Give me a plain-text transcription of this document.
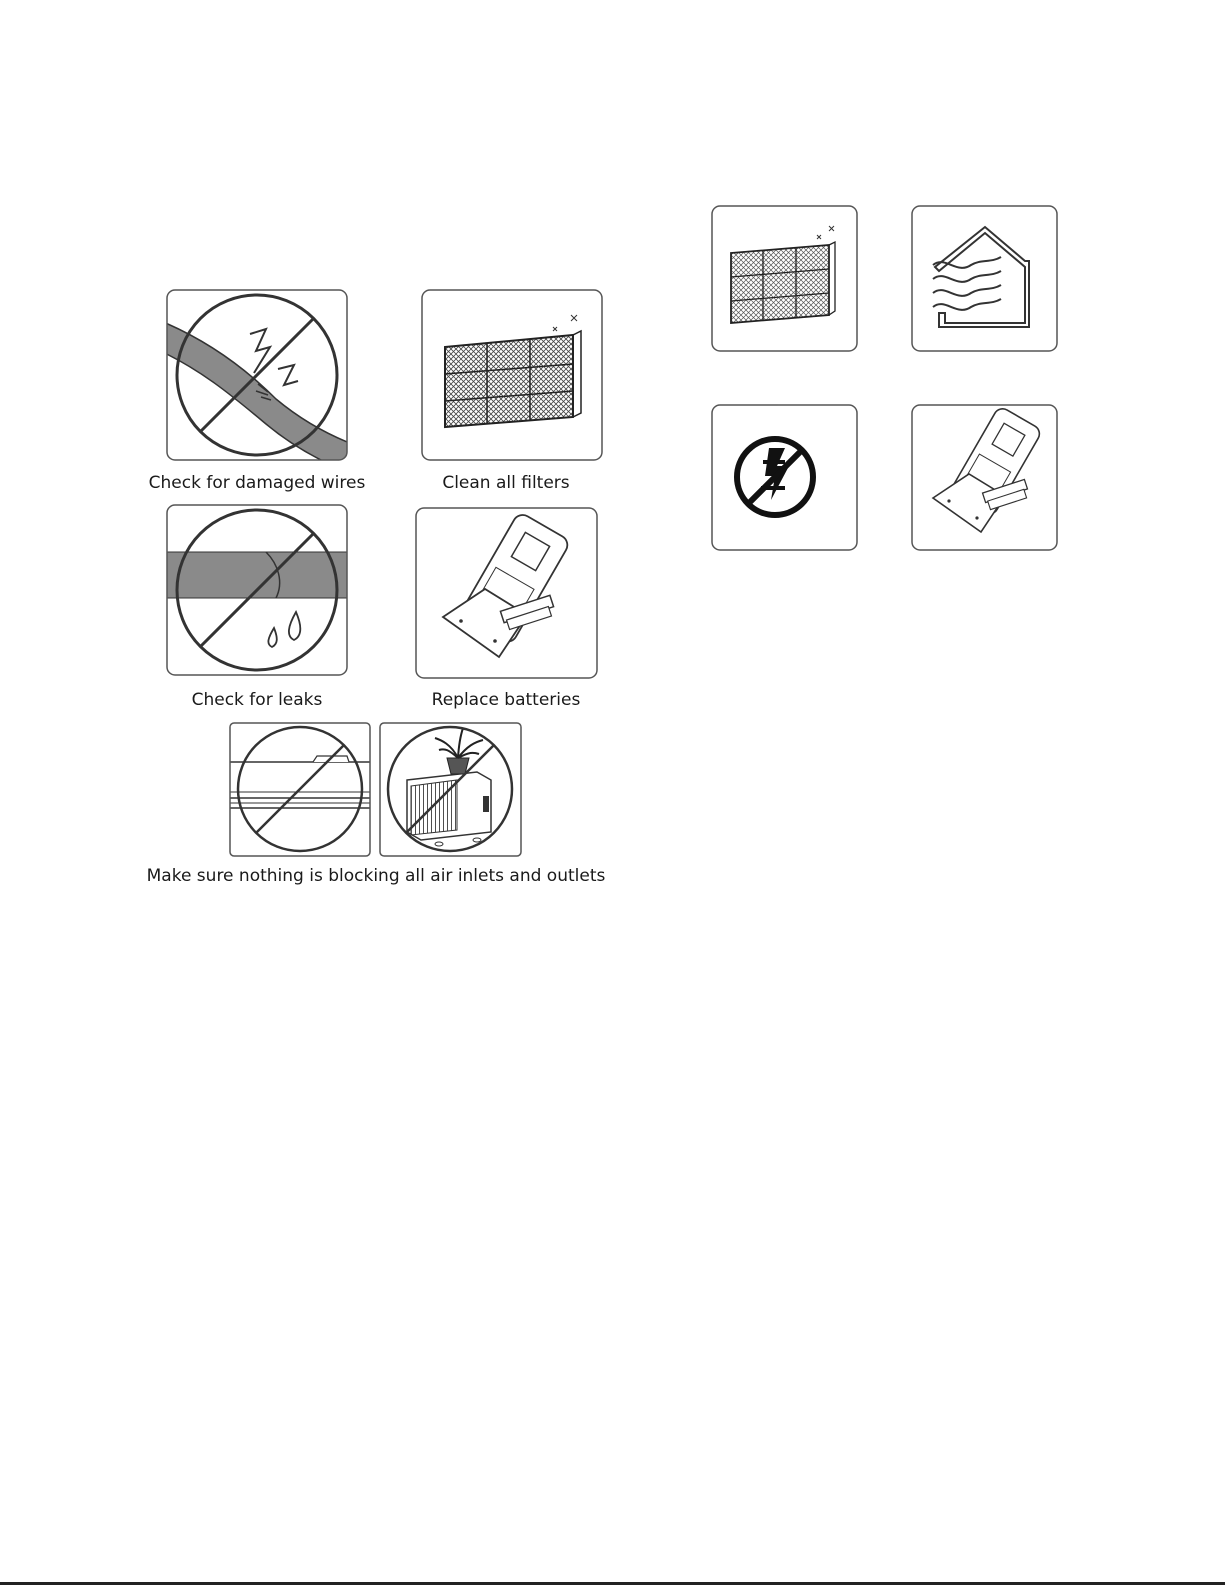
Check for damaged wires	Clean all filters
Check for leaks	Replace batteries
Make sure nothing is blocking all air inlets and outlets
